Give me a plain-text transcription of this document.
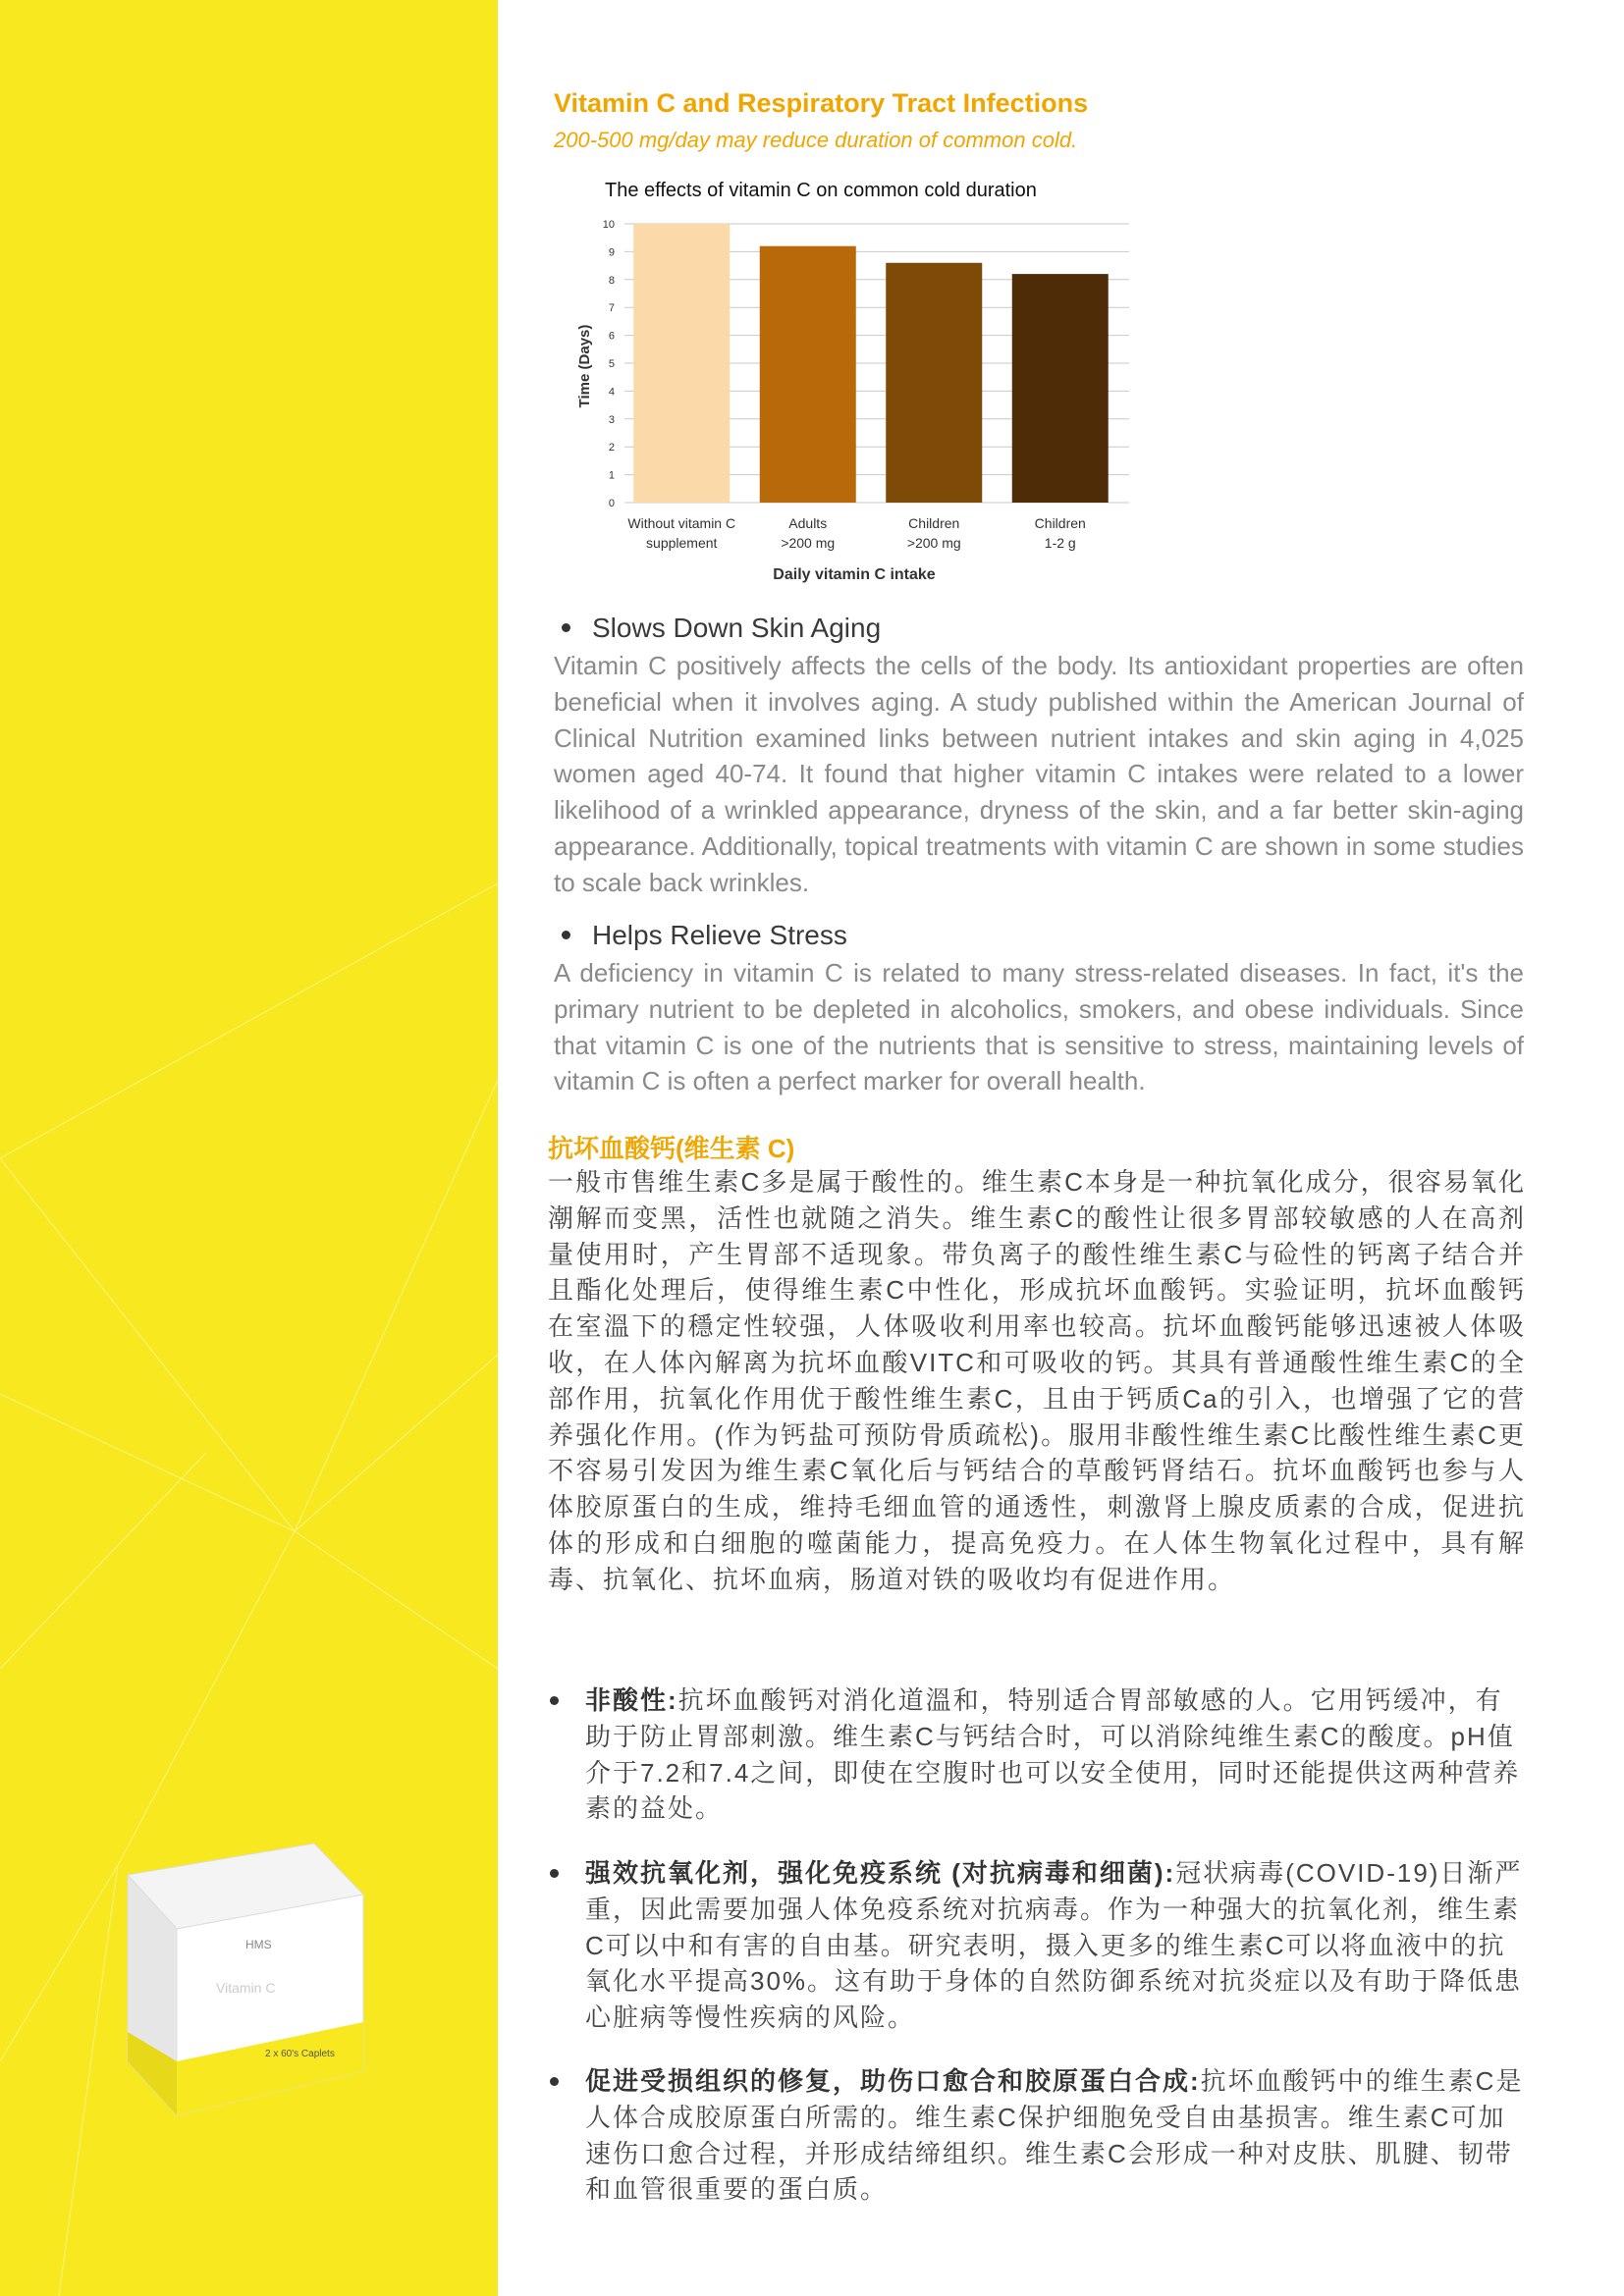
HMS
Vitamin C
2 x 60's Caplets
Vitamin C and Respiratory Tract Infections
200-500 mg/day may reduce duration of common cold.
The effects of vitamin C on common cold duration
0
1
2
3
4
5
6
7
8
9
10
Without vitamin C
supplement
Adults
>200 mg
Children
>200 mg
Children
1-2 g
Time (Days)
Daily vitamin C intake
Slows Down Skin Aging
Vitamin C positively affects the cells of the body. Its antioxidant properties are often beneficial when it involves aging. A study published within the American Journal of Clinical Nutrition examined links between nutrient intakes and skin aging in 4,025 women aged 40-74. It found that higher vitamin C intakes were related to a lower likelihood of a wrinkled appearance, dryness of the skin, and a far better skin-aging appearance. Additionally, topical treatments with vitamin C are shown in some studies to scale back wrinkles.
Helps Relieve Stress
A deficiency in vitamin C is related to many stress-related diseases. In fact, it's the primary nutrient to be depleted in alcoholics, smokers, and obese individuals. Since that vitamin C is one of the nutrients that is sensitive to stress, maintaining levels of vitamin C is often a perfect marker for overall health.
抗坏血酸钙(维生素 C)
一般市售维生素C多是属于酸性的。维生素C本身是一种抗氧化成分，很容易氧化潮解而变黑，活性也就随之消失。维生素C的酸性让很多胃部较敏感的人在高剂量使用时，产生胃部不适现象。带负离子的酸性维生素C与硷性的钙离子结合并且酯化处理后，使得维生素C中性化，形成抗坏血酸钙。实验证明，抗坏血酸钙在室溫下的穩定性较强，人体吸收利用率也较高。抗坏血酸钙能够迅速被人体吸收，在人体內解离为抗坏血酸VITC和可吸收的钙。其具有普通酸性维生素C的全部作用，抗氧化作用优于酸性维生素C，且由于钙质Ca的引入，也增强了它的营养强化作用。(作为钙盐可预防骨质疏松)。服用非酸性维生素C比酸性维生素C更不容易引发因为维生素C氧化后与钙结合的草酸钙肾结石。抗坏血酸钙也参与人体胶原蛋白的生成，维持毛细血管的通透性，刺激肾上腺皮质素的合成，促进抗体的形成和白细胞的噬菌能力，提高免疫力。在人体生物氧化过程中，具有解毒、抗氧化、抗坏血病，肠道对铁的吸收均有促进作用。
非酸性:抗坏血酸钙对消化道溫和，特别适合胃部敏感的人。它用钙缓冲，有助于防止胃部刺激。维生素C与钙结合时，可以消除纯维生素C的酸度。pH值介于7.2和7.4之间，即使在空腹时也可以安全使用，同时还能提供这两种营养素的益处。
强效抗氧化剂，强化免疫系统 (对抗病毒和细菌):冠状病毒(COVID-19)日渐严重，因此需要加强人体免疫系统对抗病毒。作为一种强大的抗氧化剂，维生素C可以中和有害的自由基。研究表明，摄入更多的维生素C可以将血液中的抗氧化水平提高30%。这有助于身体的自然防御系统对抗炎症以及有助于降低患心脏病等慢性疾病的风险。
促进受损组织的修复，助伤口愈合和胶原蛋白合成:抗坏血酸钙中的维生素C是人体合成胶原蛋白所需的。维生素C保护细胞免受自由基损害。维生素C可加速伤口愈合过程，并形成结缔组织。维生素C会形成一种对皮肤、肌腱、韧带和血管很重要的蛋白质。
